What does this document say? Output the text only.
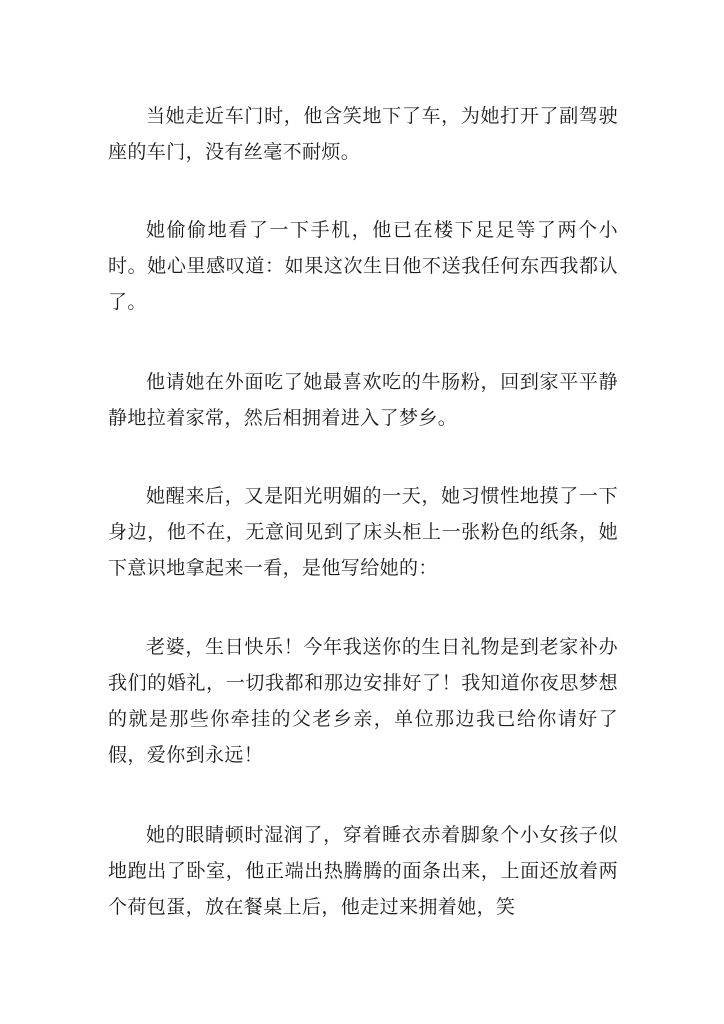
当她走近车门时，他含笑地下了车，为她打开了副驾驶座的车门，没有丝毫不耐烦。

她偷偷地看了一下手机，他已在楼下足足等了两个小时。她心里感叹道：如果这次生日他不送我任何东西我都认了。

他请她在外面吃了她最喜欢吃的牛肠粉，回到家平平静静地拉着家常，然后相拥着进入了梦乡。

她醒来后，又是阳光明媚的一天，她习惯性地摸了一下身边，他不在，无意间见到了床头柜上一张粉色的纸条，她下意识地拿起来一看，是他写给她的：

老婆，生日快乐！今年我送你的生日礼物是到老家补办我们的婚礼，一切我都和那边安排好了！我知道你夜思梦想的就是那些你牵挂的父老乡亲，单位那边我已给你请好了假，爱你到永远！

她的眼睛顿时湿润了，穿着睡衣赤着脚象个小女孩子似地跑出了卧室，他正端出热腾腾的面条出来，上面还放着两个荷包蛋，放在餐桌上后，他走过来拥着她，笑
